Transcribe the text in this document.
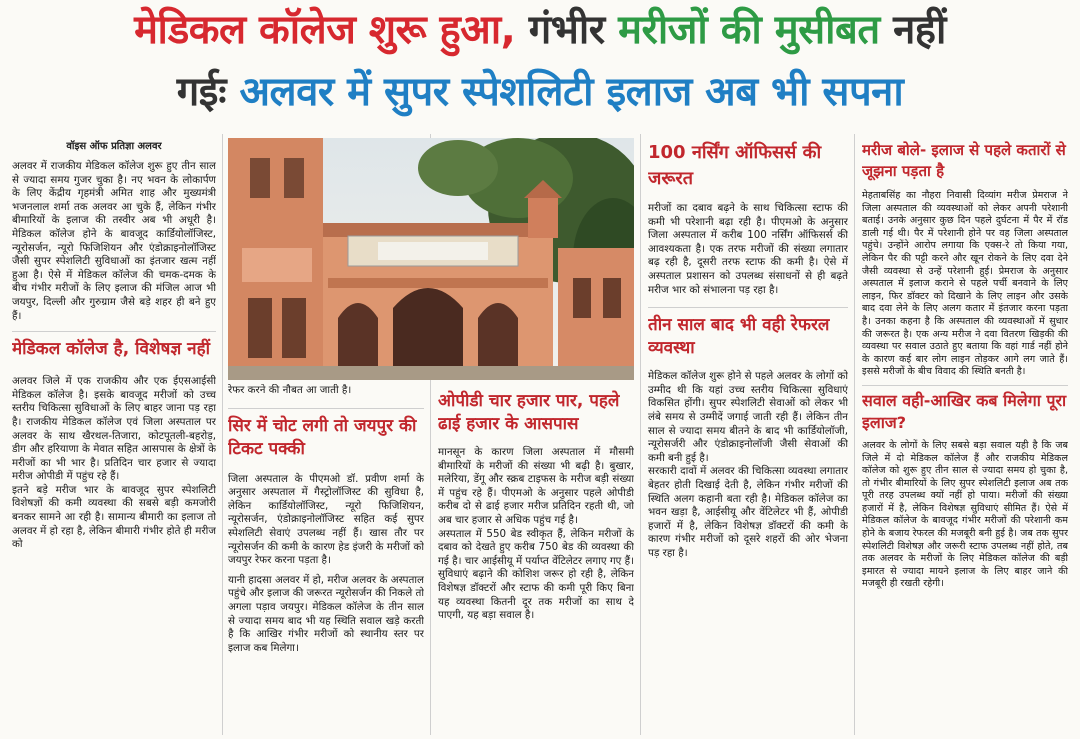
मेडिकल कॉलेज शुरू हुआ, गंभीर मरीजों की मुसीबत नहीं
गईः अलवर में सुपर स्पेशलिटी इलाज अब भी सपना

वॉइस ऑफ प्रतिज्ञा अलवर

अलवर में राजकीय मेडिकल कॉलेज शुरू हुए तीन साल से ज्यादा समय गुजर चुका है। नए भवन के लोकार्पण के लिए केंद्रीय गृहमंत्री अमित शाह और मुख्यमंत्री भजनलाल शर्मा तक अलवर आ चुके हैं, लेकिन गंभीर बीमारियों के इलाज की तस्वीर अब भी अधूरी है। मेडिकल कॉलेज होने के बावजूद कार्डियोलॉजिस्ट, न्यूरोसर्जन, न्यूरो फिजिशियन और एंडोक्राइनोलॉजिस्ट जैसी सुपर स्पेशलिटी सुविधाओं का इंतजार खत्म नहीं हुआ है। ऐसे में मेडिकल कॉलेज की चमक-दमक के बीच गंभीर मरीजों के लिए इलाज की मंजिल आज भी जयपुर, दिल्ली और गुरुग्राम जैसे बड़े शहर ही बने हुए हैं।

मेडिकल कॉलेज है, विशेषज्ञ नहीं

अलवर जिले में एक राजकीय और एक ईएसआईसी मेडिकल कॉलेज है। इसके बावजूद मरीजों को उच्च स्तरीय चिकित्सा सुविधाओं के लिए बाहर जाना पड़ रहा है। राजकीय मेडिकल कॉलेज एवं जिला अस्पताल पर अलवर के साथ खैरथल-तिजारा, कोटपूतली-बहरोड़, डीग और हरियाणा के मेवात सहित आसपास के क्षेत्रों के मरीजों का भी भार है। प्रतिदिन चार हजार से ज्यादा मरीज ओपीडी में पहुंच रहे हैं।

इतने बड़े मरीज भार के बावजूद सुपर स्पेशलिटी विशेषज्ञों की कमी व्यवस्था की सबसे बड़ी कमजोरी बनकर सामने आ रही है। सामान्य बीमारी का इलाज तो अलवर में हो रहा है, लेकिन बीमारी गंभीर होते ही मरीज को

रेफर करने की नौबत आ जाती है।

सिर में चोट लगी तो जयपुर की टिकट पक्की

जिला अस्पताल के पीएमओ डॉ. प्रवीण शर्मा के अनुसार अस्पताल में गैस्ट्रोलॉजिस्ट की सुविधा है, लेकिन कार्डियोलॉजिस्ट, न्यूरो फिजिशियन, न्यूरोसर्जन, एंडोक्राइनोलॉजिस्ट सहित कई सुपर स्पेशलिटी सेवाएं उपलब्ध नहीं हैं। खास तौर पर न्यूरोसर्जन की कमी के कारण हेड इंजरी के मरीजों को जयपुर रेफर करना पड़ता है।

यानी हादसा अलवर में हो, मरीज अलवर के अस्पताल पहुंचे और इलाज की जरूरत न्यूरोसर्जन की निकले तो अगला पड़ाव जयपुर। मेडिकल कॉलेज के तीन साल से ज्यादा समय बाद भी यह स्थिति सवाल खड़े करती है कि आखिर गंभीर मरीजों को स्थानीय स्तर पर इलाज कब मिलेगा।

ओपीडी चार हजार पार, पहले ढाई हजार के आसपास

मानसून के कारण जिला अस्पताल में मौसमी बीमारियों के मरीजों की संख्या भी बढ़ी है। बुखार, मलेरिया, डेंगू और स्क्रब टाइफस के मरीज बड़ी संख्या में पहुंच रहे हैं। पीएमओ के अनुसार पहले ओपीडी करीब दो से ढाई हजार मरीज प्रतिदिन रहती थी, जो अब चार हजार से अधिक पहुंच गई है।

अस्पताल में 550 बेड स्वीकृत हैं, लेकिन मरीजों के दबाव को देखते हुए करीब 750 बेड की व्यवस्था की गई है। चार आईसीयू में पर्याप्त वेंटिलेटर लगाए गए हैं। सुविधाएं बढ़ाने की कोशिश जरूर हो रही है, लेकिन विशेषज्ञ डॉक्टरों और स्टाफ की कमी पूरी किए बिना यह व्यवस्था कितनी दूर तक मरीजों का साथ दे पाएगी, यह बड़ा सवाल है।

100 नर्सिंग ऑफिसर्स की जरूरत

मरीजों का दबाव बढ़ने के साथ चिकित्सा स्टाफ की कमी भी परेशानी बढ़ा रही है। पीएमओ के अनुसार जिला अस्पताल में करीब 100 नर्सिंग ऑफिसर्स की आवश्यकता है। एक तरफ मरीजों की संख्या लगातार बढ़ रही है, दूसरी तरफ स्टाफ की कमी है। ऐसे में अस्पताल प्रशासन को उपलब्ध संसाधनों से ही बढ़ते मरीज भार को संभालना पड़ रहा है।

तीन साल बाद भी वही रेफरल व्यवस्था

मेडिकल कॉलेज शुरू होने से पहले अलवर के लोगों को उम्मीद थी कि यहां उच्च स्तरीय चिकित्सा सुविधाएं विकसित होंगी। सुपर स्पेशलिटी सेवाओं को लेकर भी लंबे समय से उम्मीदें जगाई जाती रही हैं। लेकिन तीन साल से ज्यादा समय बीतने के बाद भी कार्डियोलॉजी, न्यूरोसर्जरी और एंडोक्राइनोलॉजी जैसी सेवाओं की कमी बनी हुई है।

सरकारी दावों में अलवर की चिकित्सा व्यवस्था लगातार बेहतर होती दिखाई देती है, लेकिन गंभीर मरीजों की स्थिति अलग कहानी बता रही है। मेडिकल कॉलेज का भवन खड़ा है, आईसीयू और वेंटिलेटर भी हैं, ओपीडी हजारों में है, लेकिन विशेषज्ञ डॉक्टरों की कमी के कारण गंभीर मरीजों को दूसरे शहरों की ओर भेजना पड़ रहा है।

मरीज बोले- इलाज से पहले कतारों से जूझना पड़ता है

मेहताबसिंह का नौहरा निवासी दिव्यांग मरीज प्रेमराज ने जिला अस्पताल की व्यवस्थाओं को लेकर अपनी परेशानी बताई। उनके अनुसार कुछ दिन पहले दुर्घटना में पैर में रॉड डाली गई थी। पैर में परेशानी होने पर वह जिला अस्पताल पहुंचे। उन्होंने आरोप लगाया कि एक्स-रे तो किया गया, लेकिन पैर की पट्टी करने और खून रोकने के लिए दवा देने जैसी व्यवस्था से उन्हें परेशानी हुई। प्रेमराज के अनुसार अस्पताल में इलाज कराने से पहले पर्ची बनवाने के लिए लाइन, फिर डॉक्टर को दिखाने के लिए लाइन और उसके बाद दवा लेने के लिए अलग कतार में इंतजार करना पड़ता है। उनका कहना है कि अस्पताल की व्यवस्थाओं में सुधार की जरूरत है। एक अन्य मरीज ने दवा वितरण खिड़की की व्यवस्था पर सवाल उठाते हुए बताया कि वहां गार्ड नहीं होने के कारण कई बार लोग लाइन तोड़कर आगे लग जाते हैं। इससे मरीजों के बीच विवाद की स्थिति बनती है।

सवाल वही-आखिर कब मिलेगा पूरा इलाज?

अलवर के लोगों के लिए सबसे बड़ा सवाल यही है कि जब जिले में दो मेडिकल कॉलेज हैं और राजकीय मेडिकल कॉलेज को शुरू हुए तीन साल से ज्यादा समय हो चुका है, तो गंभीर बीमारियों के लिए सुपर स्पेशलिटी इलाज अब तक पूरी तरह उपलब्ध क्यों नहीं हो पाया। मरीजों की संख्या हजारों में है, लेकिन विशेषज्ञ सुविधाएं सीमित हैं। ऐसे में मेडिकल कॉलेज के बावजूद गंभीर मरीजों की परेशानी कम होने के बजाय रेफरल की मजबूरी बनी हुई है। जब तक सुपर स्पेशलिटी विशेषज्ञ और जरूरी स्टाफ उपलब्ध नहीं होते, तब तक अलवर के मरीजों के लिए मेडिकल कॉलेज की बड़ी इमारत से ज्यादा मायने इलाज के लिए बाहर जाने की मजबूरी ही रखती रहेगी।
